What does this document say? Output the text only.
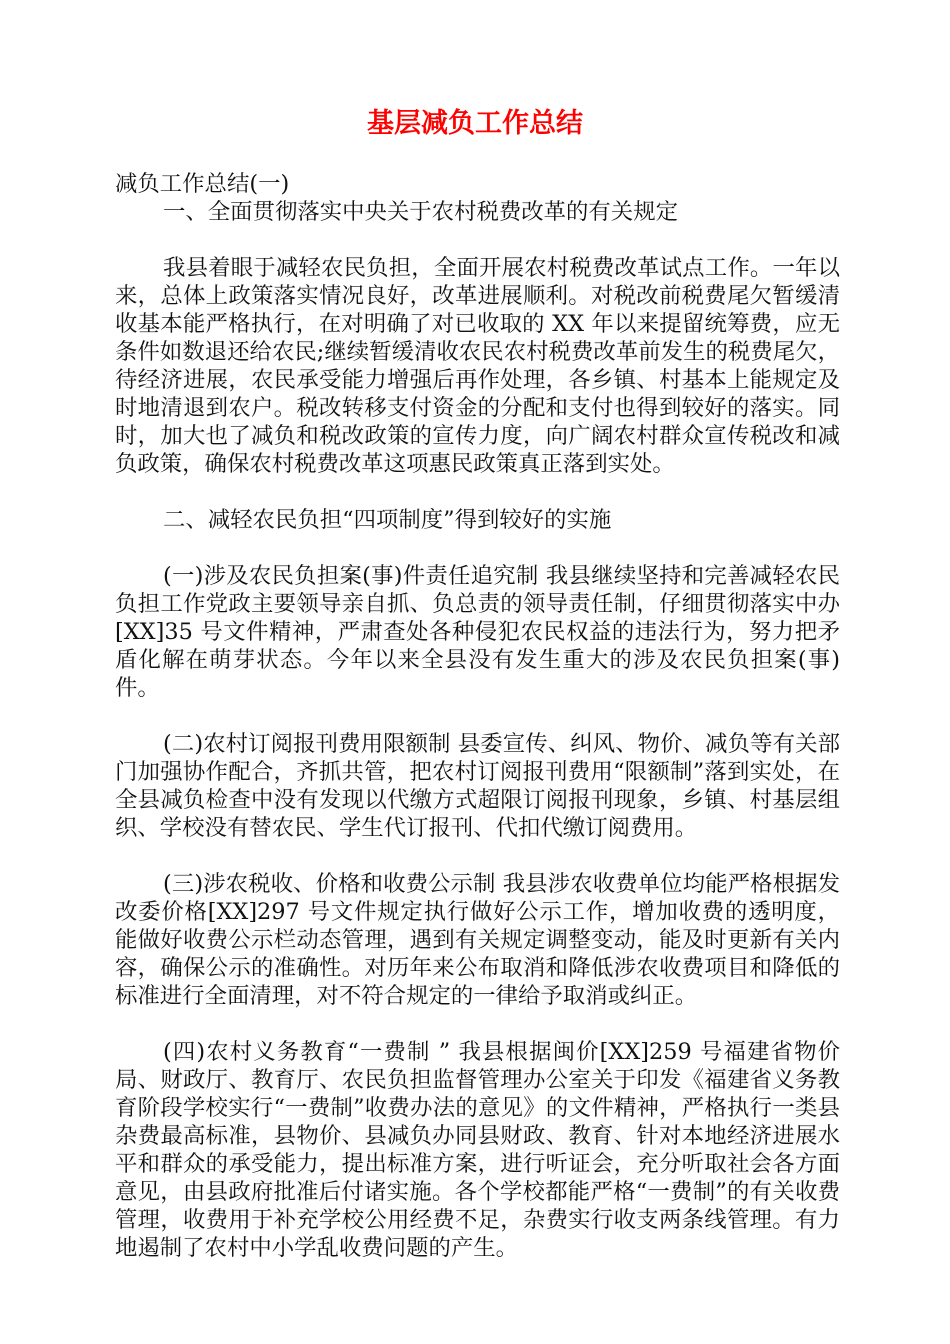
基层减负工作总结

减负工作总结(一)

一、全面贯彻落实中央关于农村税费改革的有关规定

我县着眼于减轻农民负担，全面开展农村税费改革试点工作。一年以来，总体上政策落实情况良好，改革进展顺利。对税改前税费尾欠暂缓清收基本能严格执行，在对明确了对已收取的 XX 年以来提留统筹费，应无条件如数退还给农民;继续暂缓清收农民农村税费改革前发生的税费尾欠，待经济进展，农民承受能力增强后再作处理，各乡镇、村基本上能规定及时地清退到农户。税改转移支付资金的分配和支付也得到较好的落实。同时，加大也了减负和税改政策的宣传力度，向广阔农村群众宣传税改和减负政策，确保农村税费改革这项惠民政策真正落到实处。

二、减轻农民负担“四项制度”得到较好的实施

(一)涉及农民负担案(事)件责任追究制 我县继续坚持和完善减轻农民负担工作党政主要领导亲自抓、负总责的领导责任制，仔细贯彻落实中办[XX]35 号文件精神，严肃查处各种侵犯农民权益的违法行为，努力把矛盾化解在萌芽状态。今年以来全县没有发生重大的涉及农民负担案(事)件。

(二)农村订阅报刊费用限额制 县委宣传、纠风、物价、减负等有关部门加强协作配合，齐抓共管，把农村订阅报刊费用“限额制”落到实处，在全县减负检查中没有发现以代缴方式超限订阅报刊现象，乡镇、村基层组织、学校没有替农民、学生代订报刊、代扣代缴订阅费用。

(三)涉农税收、价格和收费公示制 我县涉农收费单位均能严格根据发改委价格[XX]297 号文件规定执行做好公示工作，增加收费的透明度，能做好收费公示栏动态管理，遇到有关规定调整变动，能及时更新有关内容，确保公示的准确性。对历年来公布取消和降低涉农收费项目和降低的标准进行全面清理，对不符合规定的一律给予取消或纠正。

(四)农村义务教育“一费制 ” 我县根据闽价[XX]259 号福建省物价局、财政厅、教育厅、农民负担监督管理办公室关于印发《福建省义务教育阶段学校实行“一费制”收费办法的意见》的文件精神，严格执行一类县杂费最高标准，县物价、县减负办同县财政、教育、针对本地经济进展水平和群众的承受能力，提出标准方案，进行听证会，充分听取社会各方面意见，由县政府批准后付诸实施。各个学校都能严格“一费制”的有关收费管理，收费用于补充学校公用经费不足，杂费实行收支两条线管理。有力地遏制了农村中小学乱收费问题的产生。
